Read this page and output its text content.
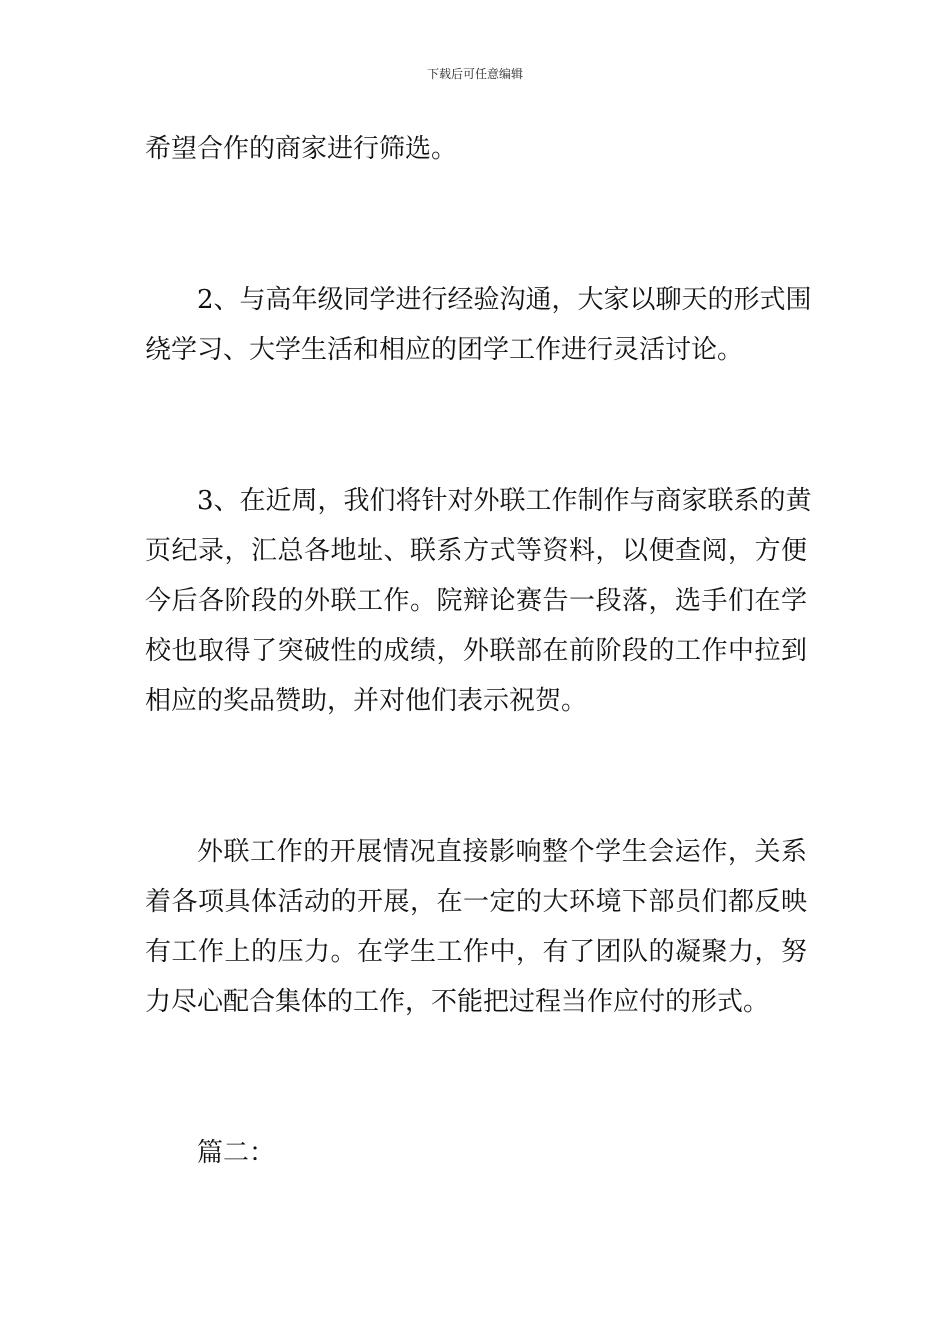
下载后可任意编辑
希望合作的商家进行筛选。
2、与高年级同学进行经验沟通，大家以聊天的形式围
绕学习、大学生活和相应的团学工作进行灵活讨论。
3、在近周，我们将针对外联工作制作与商家联系的黄
页纪录，汇总各地址、联系方式等资料，以便查阅，方便
今后各阶段的外联工作。院辩论赛告一段落，选手们在学
校也取得了突破性的成绩，外联部在前阶段的工作中拉到
相应的奖品赞助，并对他们表示祝贺。
外联工作的开展情况直接影响整个学生会运作，关系
着各项具体活动的开展，在一定的大环境下部员们都反映
有工作上的压力。在学生工作中，有了团队的凝聚力，努
力尽心配合集体的工作，不能把过程当作应付的形式。
篇二：
